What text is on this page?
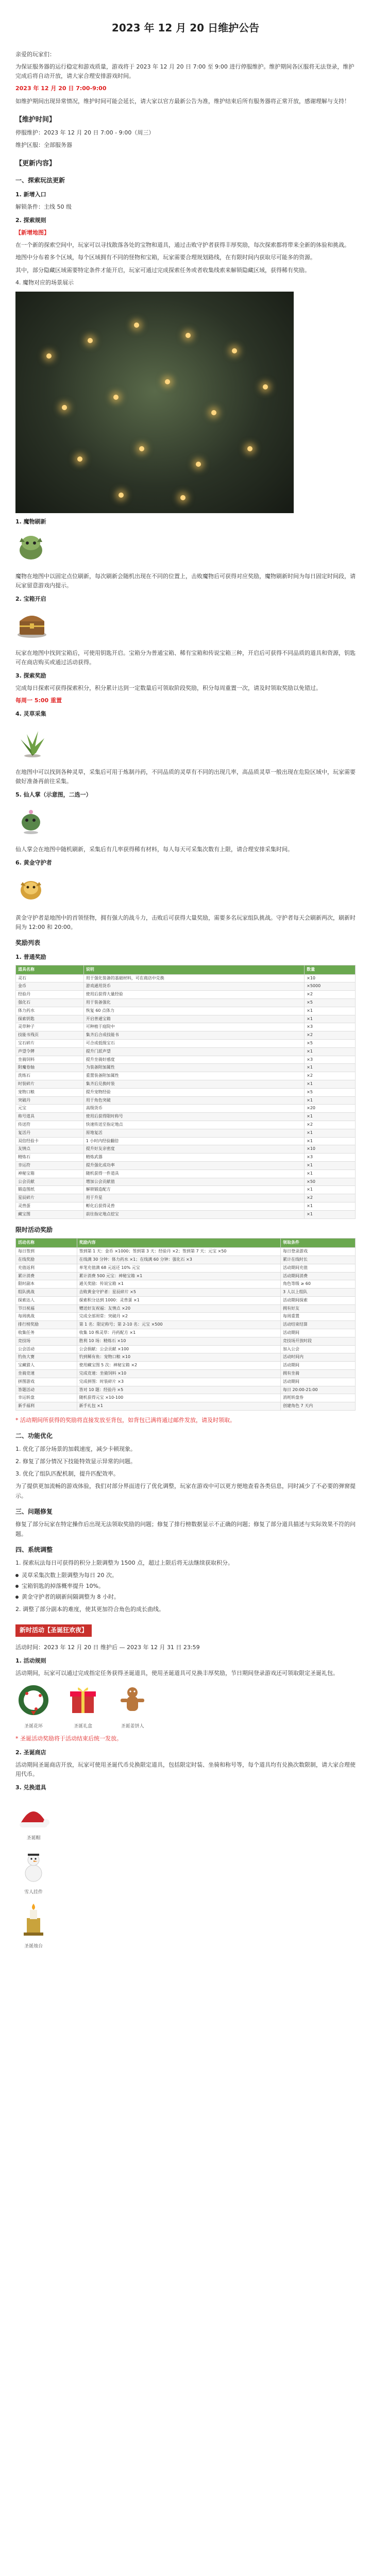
2023 年 12 月 20 日维护公告

亲爱的玩家们：

为保证服务器的运行稳定和游戏质量，游戏将于 2023 年 12 月 20 日 7:00 至 9:00 进行停服维护。维护期间各区服将无法登录，维护完成后将自动开放，请大家合理安排游戏时间。

2023 年 12 月 20 日 7:00-9:00

如维护期间出现异常情况，维护时间可能会延长，请大家以官方最新公告为准，维护结束后所有服务器将正常开放，感谢理解与支持！

【维护时间】

停服维护：2023 年 12 月 20 日 7:00 - 9:00（周三）

维护区服：全部服务器

【更新内容】
一、探索玩法更新
1. 新增入口

解锁条件：主线 50 级

2. 探索规则

【新增地图】

在一个新的探索空间中，玩家可以寻找散落各处的宝物和道具，通过击败守护者获得丰厚奖励，每次探索都将带来全新的体验和挑战。

地图中分布着多个区域，每个区域拥有不同的怪物和宝箱，玩家需要合理规划路线，在有限时间内获取尽可能多的资源。

其中，部分隐藏区域需要特定条件才能开启，玩家可通过完成探索任务或者收集线索来解锁隐藏区域，获得稀有奖励。

4. 魔物对应的场景展示

1. 魔物刷新

魔物在地图中以固定点位刷新，每次刷新会随机出现在不同的位置上，击败魔物后可获得对应奖励，魔物刷新时间为每日固定时间段，请玩家留意游戏内提示。

2. 宝箱开启

玩家在地图中找到宝箱后，可使用钥匙开启。宝箱分为普通宝箱、稀有宝箱和传说宝箱三种，开启后可获得不同品质的道具和资源，钥匙可在商店购买或通过活动获得。

3. 探索奖励

完成每日探索可获得探索积分，积分累计达到一定数量后可领取阶段奖励，积分每周重置一次，请及时领取奖励以免错过。

每周一 5:00 重置

4. 灵草采集

在地图中可以找到各种灵草，采集后可用于炼制丹药，不同品质的灵草有不同的出现几率，高品质灵草一般出现在危险区域中，玩家需要做好准备再前往采集。

5. 仙人掌（示意图，二选一）

仙人掌会在地图中随机刷新，采集后有几率获得稀有材料，每人每天可采集次数有上限，请合理安排采集时间。

6. 黄金守护者

黄金守护者是地图中的首领怪物，拥有强大的战斗力，击败后可获得大量奖励，需要多名玩家组队挑战。守护者每天会刷新两次，刷新时间为 12:00 和 20:00。

奖励列表
1. 普通奖励
道具名称	说明	数量
灵石	用于强化装备的基础材料，可在商店中兑换	×10
金币	游戏通用货币	×5000
经验丹	使用后获得大量经验	×2
强化石	用于装备强化	×5
体力药水	恢复 60 点体力	×1
探索钥匙	开启普通宝箱	×1
灵草种子	可种植于庭院中	×3
技能书残页	集齐后合成技能书	×2
宝石碎片	可合成低级宝石	×5
声望令牌	提升门派声望	×1
坐骑饲料	提升坐骑好感度	×3
附魔卷轴	为装备附加属性	×1
洗练石	重置装备附加属性	×2
时装碎片	集齐后兑换时装	×1
宠物口粮	提升宠物经验	×5
突破丹	用于角色突破	×1
元宝	高级货币	×20
称号道具	使用后获得限时称号	×1
传送符	快速传送至指定地点	×2
复活丹	原地复活	×1
双倍经验卡	1 小时内经验翻倍	×1
友情点	提升好友亲密度	×10
精炼石	精炼武器	×3
幸运符	提升强化成功率	×1
神秘宝箱	随机获得一件道具	×1
公会贡献	增加公会贡献值	×50
锻造图纸	解锁锻造配方	×1
星辰碎片	用于升星	×2
灵兽蛋	孵化后获得灵兽	×1
藏宝图	前往指定地点挖宝	×1
限时活动奖励
活动名称	奖励内容	领取条件
每日签到	签到第 1 天：金币 ×1000；签到第 3 天：经验丹 ×2；签到第 7 天：元宝 ×50	每日登录游戏
在线奖励	在线满 30 分钟：体力药水 ×1；在线满 60 分钟：强化石 ×3	累计在线时长
充值返利	单笔充值满 68 元返还 10% 元宝	活动期间充值
累计消费	累计消费 500 元宝：神秘宝箱 ×1	活动期间消费
限时副本	通关奖励：传说宝箱 ×1	角色等级 ≥ 60
组队挑战	击败黄金守护者：星辰碎片 ×5	3 人以上组队
探索达人	探索积分达到 1000：灵兽蛋 ×1	活动期间探索
节日祝福	赠送好友祝福：友情点 ×20	拥有好友
每周挑战	完成全部周常：突破丹 ×2	每周重置
排行榜奖励	第 1 名：限定称号；第 2-10 名：元宝 ×500	活动结束结算
收集任务	收集 10 株灵草：丹药配方 ×1	活动期间
竞技场	胜利 10 场：精炼石 ×10	竞技场开放时段
公会活动	公会捐献：公会贡献 ×100	加入公会
钓鱼大赛	钓到稀有鱼：宠物口粮 ×10	活动时间内
宝藏猎人	使用藏宝图 5 次：神秘宝箱 ×2	活动期间
坐骑竞速	完成竞速：坐骑饲料 ×10	拥有坐骑
拼图游戏	完成拼图：时装碎片 ×3	活动期间
答题活动	答对 10 题：经验丹 ×5	每日 20:00-21:00
幸运转盘	随机获得元宝 ×10-100	消耗转盘券
新手福利	新手礼包 ×1	创建角色 7 天内

* 活动期间所获得的奖励将直接发放至背包，如背包已满将通过邮件发放，请及时领取。

二、功能优化

1. 优化了部分场景的加载速度，减少卡顿现象。

2. 修复了部分情况下技能特效显示异常的问题。

3. 优化了组队匹配机制，提升匹配效率。

为了提供更加流畅的游戏体验，我们对部分界面进行了优化调整，玩家在游戏中可以更方便地查看各类信息，同时减少了不必要的弹窗提示。

三、问题修复

修复了部分玩家在特定操作后出现无法领取奖励的问题；修复了排行榜数据显示不正确的问题；修复了部分道具描述与实际效果不符的问题。

四、系统调整

1. 探索玩法每日可获得的积分上限调整为 1500 点，超过上限后将无法继续获取积分。

灵草采集次数上限调整为每日 20 次。
宝箱钥匙的掉落概率提升 10%。
黄金守护者的刷新间隔调整为 8 小时。

2. 调整了部分副本的难度，使其更加符合角色的成长曲线。

新时活动【圣诞狂欢夜】

活动时间：2023 年 12 月 20 日 维护后 — 2023 年 12 月 31 日 23:59

1. 活动规则

活动期间，玩家可以通过完成指定任务获得圣诞道具，使用圣诞道具可兑换丰厚奖励，节日期间登录游戏还可领取限定圣诞礼包。

圣诞花环	圣诞礼盒	圣诞姜饼人

* 圣诞活动奖励将于活动结束后统一发放。

2. 圣诞商店

活动期间圣诞商店开放，玩家可使用圣诞代币兑换限定道具，包括限定时装、坐骑和称号等，每个道具均有兑换次数限制，请大家合理使用代币。

3. 兑换道具
圣诞帽

雪人挂件

圣诞烛台
